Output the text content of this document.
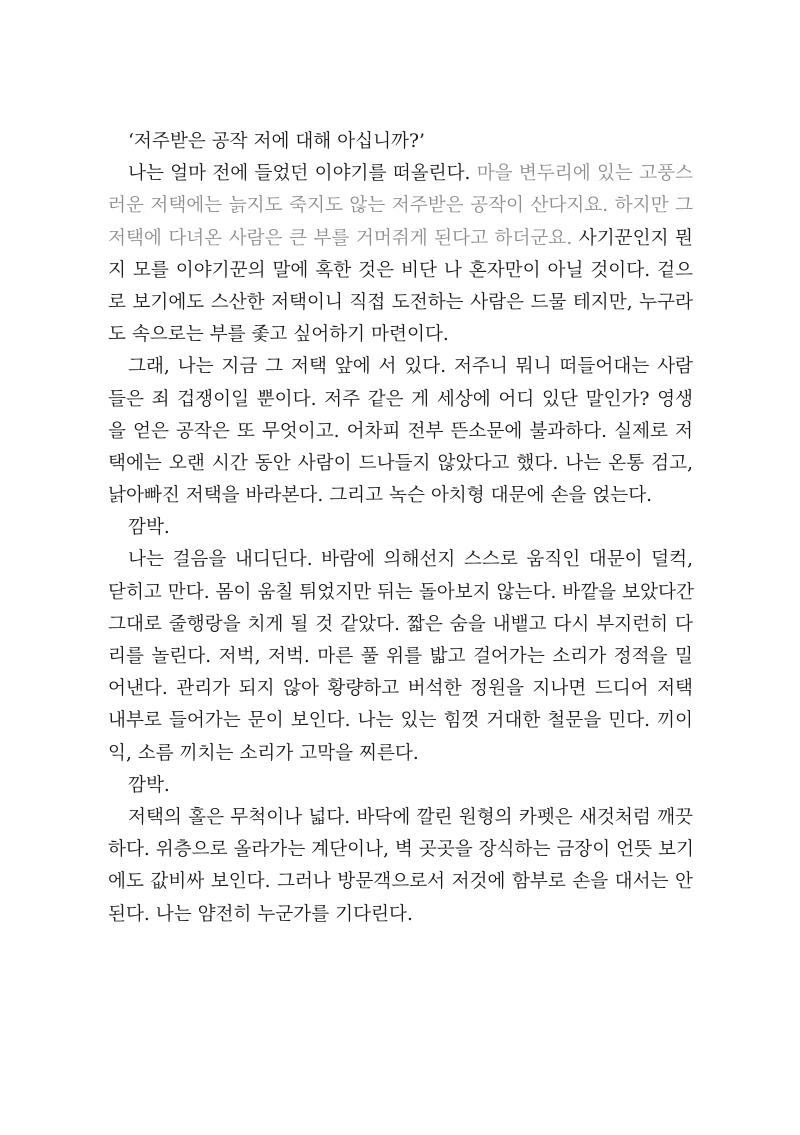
‘저주받은 공작 저에 대해 아십니까?’
나는 얼마 전에 들었던 이야기를 떠올린다. 마을 변두리에 있는 고풍스
러운 저택에는 늙지도 죽지도 않는 저주받은 공작이 산다지요. 하지만 그
저택에 다녀온 사람은 큰 부를 거머쥐게 된다고 하더군요. 사기꾼인지 뭔
지 모를 이야기꾼의 말에 혹한 것은 비단 나 혼자만이 아닐 것이다. 겉으
로 보기에도 스산한 저택이니 직접 도전하는 사람은 드물 테지만, 누구라
도 속으로는 부를 좇고 싶어하기 마련이다.
그래, 나는 지금 그 저택 앞에 서 있다. 저주니 뭐니 떠들어대는 사람
들은 죄 겁쟁이일 뿐이다. 저주 같은 게 세상에 어디 있단 말인가? 영생
을 얻은 공작은 또 무엇이고. 어차피 전부 뜬소문에 불과하다. 실제로 저
택에는 오랜 시간 동안 사람이 드나들지 않았다고 했다. 나는 온통 검고,
낡아빠진 저택을 바라본다. 그리고 녹슨 아치형 대문에 손을 얹는다.
깜박.
나는 걸음을 내디딘다. 바람에 의해선지 스스로 움직인 대문이 덜컥,
닫히고 만다. 몸이 움칠 튀었지만 뒤는 돌아보지 않는다. 바깥을 보았다간
그대로 줄행랑을 치게 될 것 같았다. 짧은 숨을 내뱉고 다시 부지런히 다
리를 놀린다. 저벅, 저벅. 마른 풀 위를 밟고 걸어가는 소리가 정적을 밀
어낸다. 관리가 되지 않아 황량하고 버석한 정원을 지나면 드디어 저택
내부로 들어가는 문이 보인다. 나는 있는 힘껏 거대한 철문을 민다. 끼이
익, 소름 끼치는 소리가 고막을 찌른다.
깜박.
저택의 홀은 무척이나 넓다. 바닥에 깔린 원형의 카펫은 새것처럼 깨끗
하다. 위층으로 올라가는 계단이나, 벽 곳곳을 장식하는 금장이 언뜻 보기
에도 값비싸 보인다. 그러나 방문객으로서 저것에 함부로 손을 대서는 안
된다. 나는 얌전히 누군가를 기다린다.
